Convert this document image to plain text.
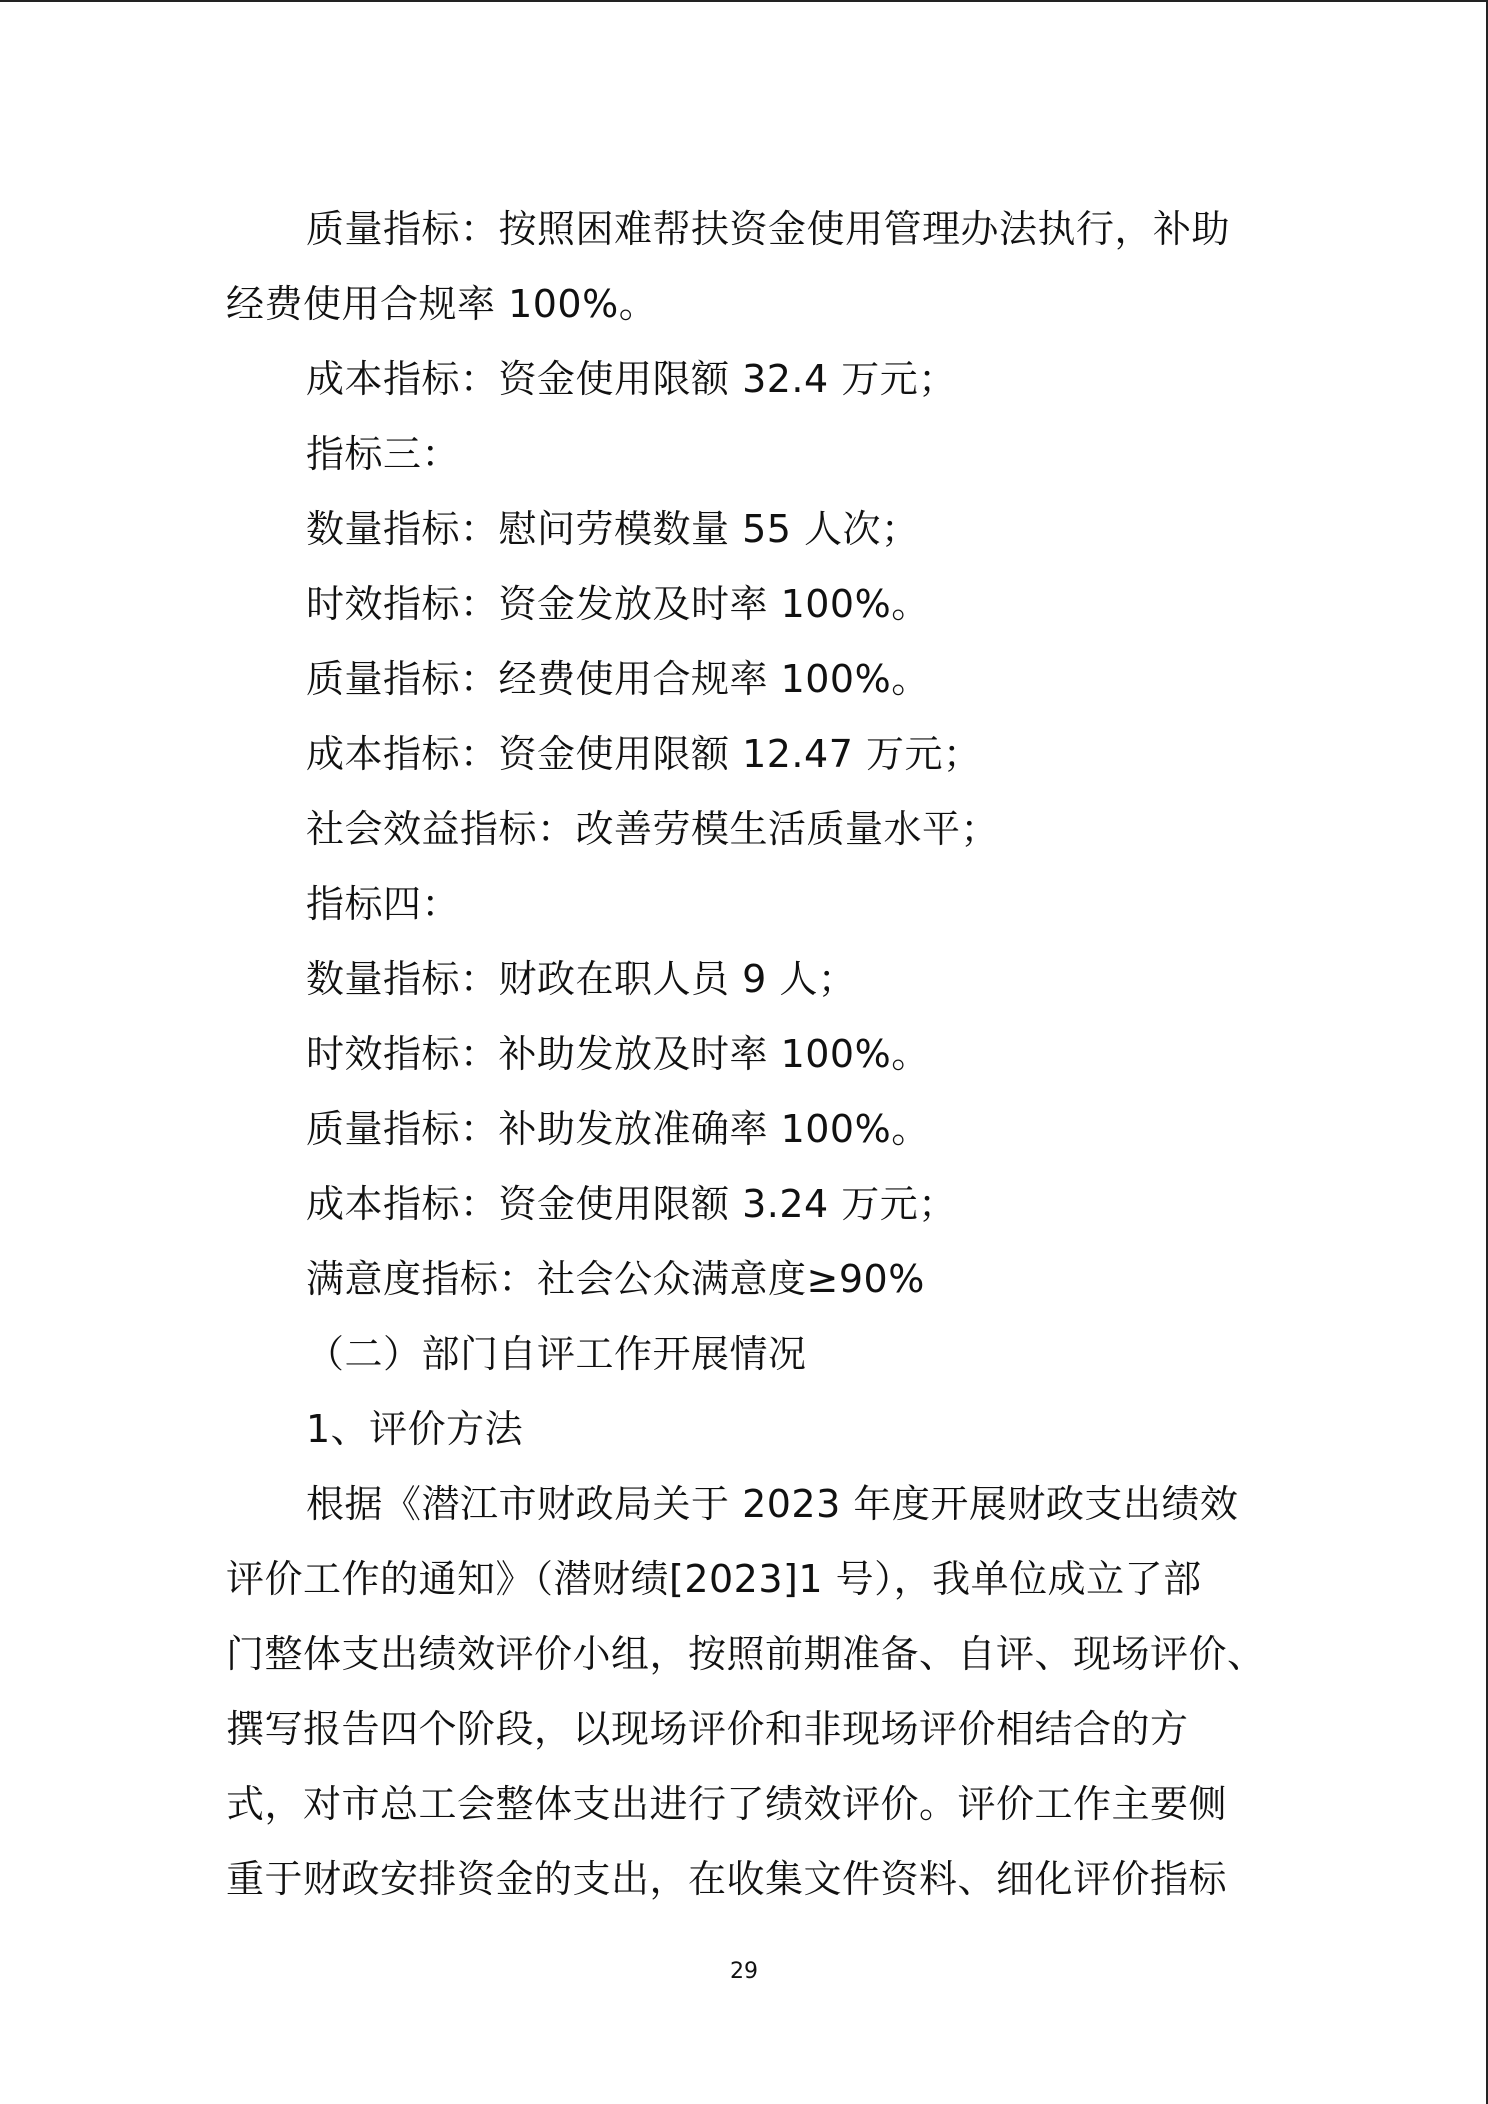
质量指标：按照困难帮扶资金使用管理办法执行，补助
经费使用合规率 100%。
成本指标：资金使用限额 32.4 万元；
指标三：
数量指标：慰问劳模数量 55 人次；
时效指标：资金发放及时率 100%。
质量指标：经费使用合规率 100%。
成本指标：资金使用限额 12.47 万元；
社会效益指标：改善劳模生活质量水平；
指标四：
数量指标：财政在职人员 9 人；
时效指标：补助发放及时率 100%。
质量指标：补助发放准确率 100%。
成本指标：资金使用限额 3.24 万元；
满意度指标：社会公众满意度≥90%
（二）部门自评工作开展情况
1、评价方法
根据《潜江市财政局关于 2023 年度开展财政支出绩效
评价工作的通知》（潜财绩[2023]1 号），我单位成立了部
门整体支出绩效评价小组，按照前期准备、自评、现场评价、
撰写报告四个阶段，以现场评价和非现场评价相结合的方
式，对市总工会整体支出进行了绩效评价。评价工作主要侧
重于财政安排资金的支出，在收集文件资料、细化评价指标
29
